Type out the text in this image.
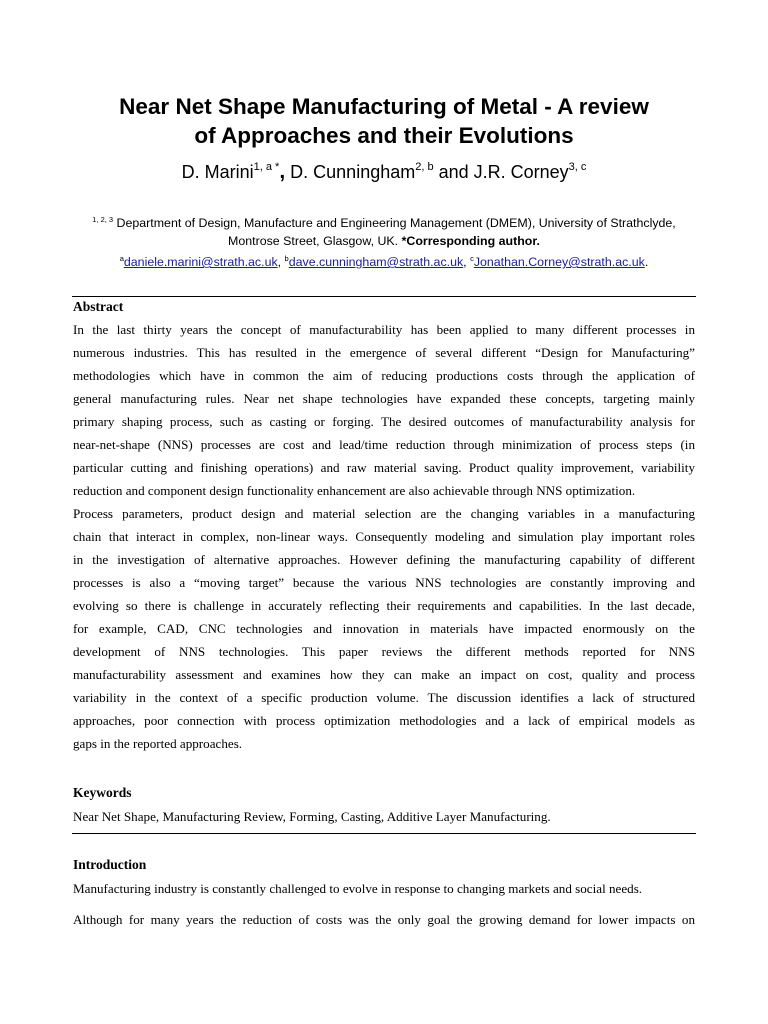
Near Net Shape Manufacturing of Metal - A review
of Approaches and their Evolutions
D. Marini$^{1, a *}$, D. Cunningham$^{2, b}$ and J.R. Corney$^{3, c}$
$^{1, 2, 3}$ Department of Design, Manufacture and Engineering Management (DMEM), University of Strathclyde,
Montrose Street, Glasgow, UK. *Corresponding author.
$^a$daniele.marini@strath.ac.uk, $^b$dave.cunningham@strath.ac.uk, $^c$Jonathan.Corney@strath.ac.uk.
Abstract
In the last thirty years the concept of manufacturability has been applied to many different processes in
numerous industries. This has resulted in the emergence of several different “Design for Manufacturing”
methodologies which have in common the aim of reducing productions costs through the application of
general manufacturing rules. Near net shape technologies have expanded these concepts, targeting mainly
primary shaping process, such as casting or forging. The desired outcomes of manufacturability analysis for
near-net-shape (NNS) processes are cost and lead/time reduction through minimization of process steps (in
particular cutting and finishing operations) and raw material saving. Product quality improvement, variability
reduction and component design functionality enhancement are also achievable through NNS optimization.
Process parameters, product design and material selection are the changing variables in a manufacturing
chain that interact in complex, non-linear ways. Consequently modeling and simulation play important roles
in the investigation of alternative approaches. However defining the manufacturing capability of different
processes is also a “moving target” because the various NNS technologies are constantly improving and
evolving so there is challenge in accurately reflecting their requirements and capabilities. In the last decade,
for example, CAD, CNC technologies and innovation in materials have impacted enormously on the
development of NNS technologies. This paper reviews the different methods reported for NNS
manufacturability assessment and examines how they can make an impact on cost, quality and process
variability in the context of a specific production volume. The discussion identifies a lack of structured
approaches, poor connection with process optimization methodologies and a lack of empirical models as
gaps in the reported approaches.
Keywords
Near Net Shape, Manufacturing Review, Forming, Casting, Additive Layer Manufacturing.
Introduction
Manufacturing industry is constantly challenged to evolve in response to changing markets and social needs.
Although for many years the reduction of costs was the only goal the growing demand for lower impacts on
